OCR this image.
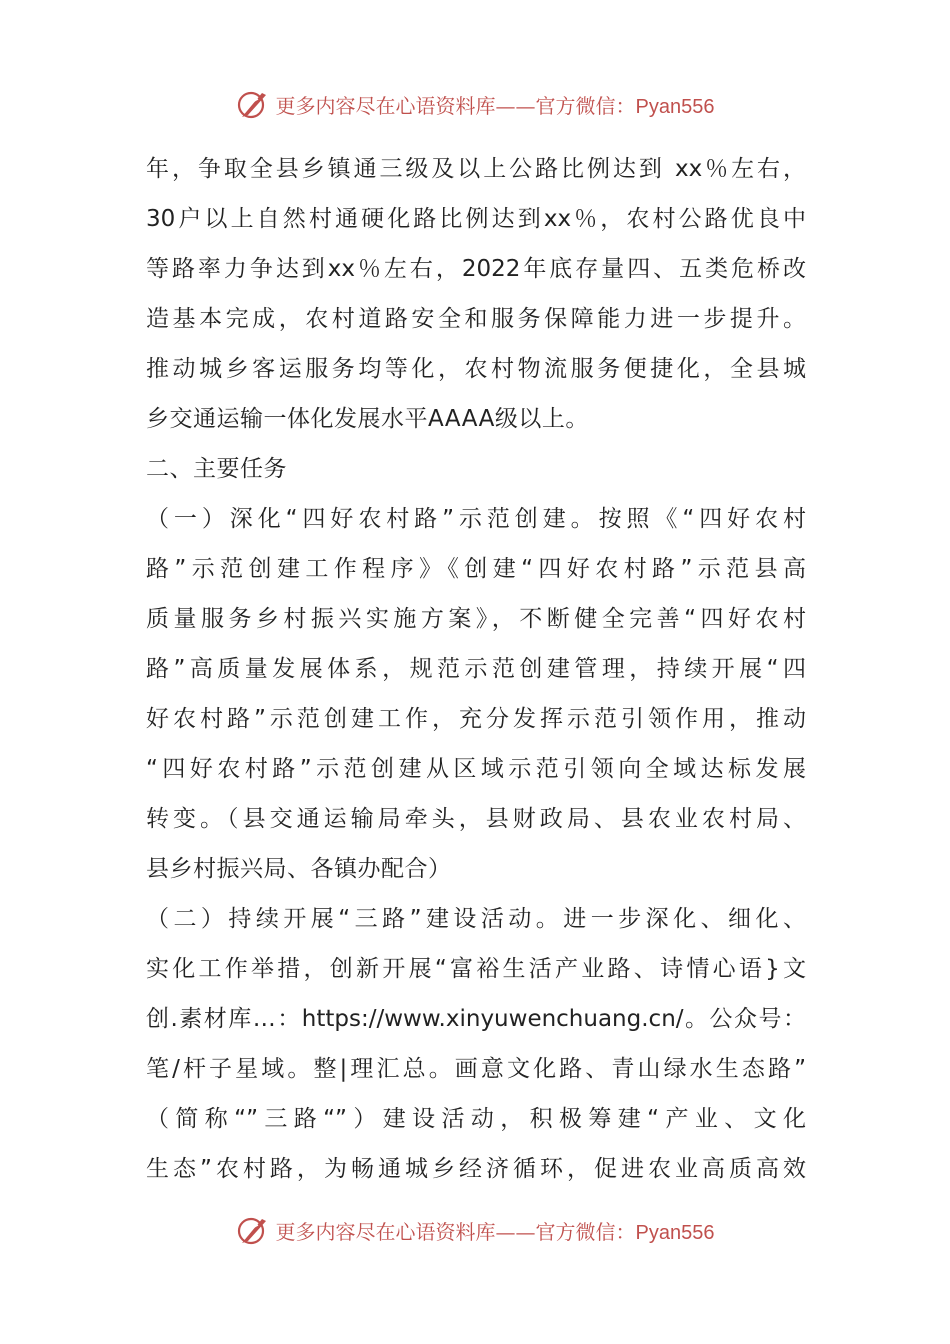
更多内容尽在心语资料库——官方微信：Pyan556
年，争取全县乡镇通三级及以上公路比例达到 xx％左右，
30户以上自然村通硬化路比例达到xx％，农村公路优良中
等路率力争达到xx％左右，2022年底存量四、五类危桥改
造基本完成，农村道路安全和服务保障能力进一步提升。
推动城乡客运服务均等化，农村物流服务便捷化，全县城
乡交通运输一体化发展水平AAAA级以上。
二、主要任务
（一）深化“四好农村路”示范创建。按照《“四好农村
路”示范创建工作程序》《创建“四好农村路”示范县高
质量服务乡村振兴实施方案》，不断健全完善“四好农村
路”高质量发展体系，规范示范创建管理，持续开展“四
好农村路”示范创建工作，充分发挥示范引领作用，推动
“四好农村路”示范创建从区域示范引领向全域达标发展
转变。（县交通运输局牵头，县财政局、县农业农村局、
县乡村振兴局、各镇办配合）
（二）持续开展“三路”建设活动。进一步深化、细化、
实化工作举措，创新开展“富裕生活产业路、诗情心语}文
创.素材库…：https://www.xinyuwenchuang.cn/。公众号：
笔/杆子星域。整|理汇总。画意文化路、青山绿水生态路”
（简称“”三路“”）建设活动，积极筹建“产业、文化
生态”农村路，为畅通城乡经济循环，促进农业高质高效
更多内容尽在心语资料库——官方微信：Pyan556
